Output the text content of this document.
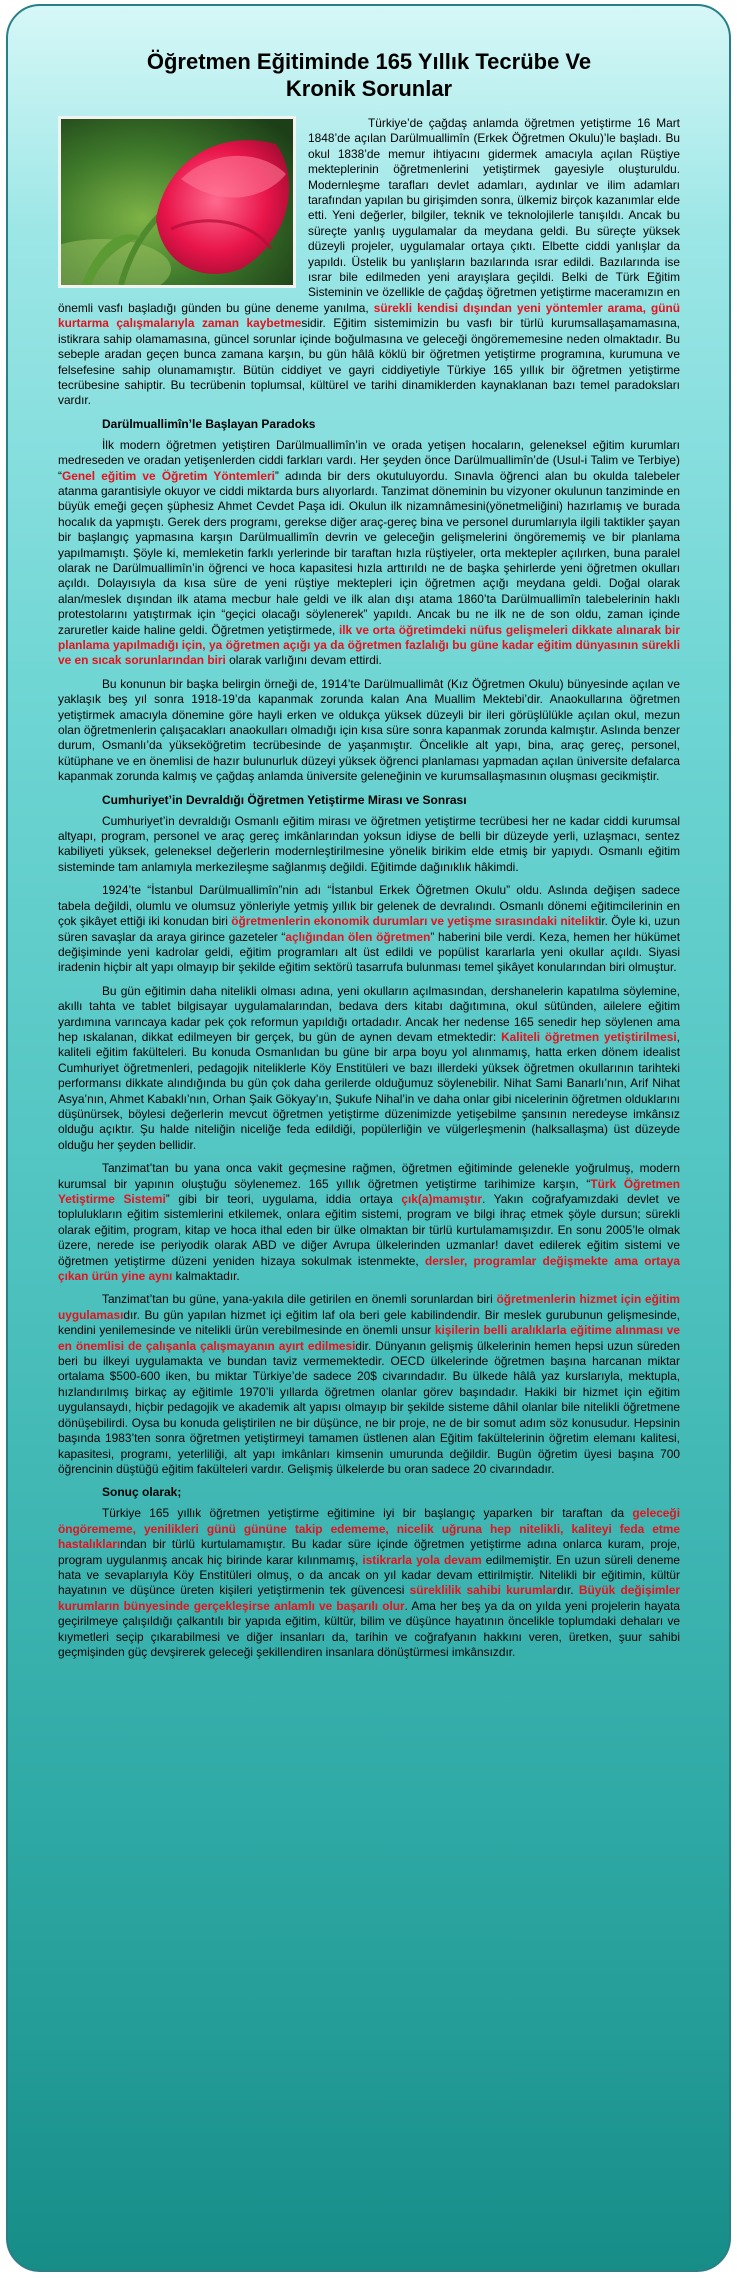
Öğretmen Eğitiminde 165 Yıllık Tecrübe Ve
Kronik Sorunlar

Türkiye’de çağdaş anlamda öğretmen yetiştirme 16 Mart 1848’de açılan Darülmuallimîn (Erkek Öğretmen Okulu)’le başladı. Bu okul 1838’de memur ihtiyacını gidermek amacıyla açılan Rüştiye mekteplerinin öğretmenlerini yetiştirmek gayesiyle oluşturuldu. Modernleşme tarafları devlet adamları, aydınlar ve ilim adamları tarafından yapılan bu girişimden sonra, ülkemiz birçok kazanımlar elde etti. Yeni değerler, bilgiler, teknik ve teknolojilerle tanışıldı. Ancak bu süreçte yanlış uygulamalar da meydana geldi. Bu süreçte yüksek düzeyli projeler, uygulamalar ortaya çıktı. Elbette ciddi yanlışlar da yapıldı. Üstelik bu yanlışların bazılarında ısrar edildi. Bazılarında ise ısrar bile edilmeden yeni arayışlara geçildi. Belki de Türk Eğitim Sisteminin ve özellikle de çağdaş öğretmen yetiştirme maceramızın en önemli vasfı başladığı günden bu güne deneme yanılma, sürekli kendisi dışından yeni yöntemler arama, günü kurtarma çalışmalarıyla zaman kaybetmesidir. Eğitim sistemimizin bu vasfı bir türlü kurumsallaşamamasına, istikrara sahip olamamasına, güncel sorunlar içinde boğulmasına ve geleceği öngörememesine neden olmaktadır. Bu sebeple aradan geçen bunca zamana karşın, bu gün hâlâ köklü bir öğretmen yetiştirme programına, kurumuna ve felsefesine sahip olunamamıştır. Bütün ciddiyet ve gayri ciddiyetiyle Türkiye 165 yıllık bir öğretmen yetiştirme tecrübesine sahiptir. Bu tecrübenin toplumsal, kültürel ve tarihi dinamiklerden kaynaklanan bazı temel paradoksları vardır.

Darülmuallimîn’le Başlayan Paradoks

İlk modern öğretmen yetiştiren Darülmuallimîn’in ve orada yetişen hocaların, geleneksel eğitim kurumları medreseden ve oradan yetişenlerden ciddi farkları vardı. Her şeyden önce Darülmuallimîn’de (Usul-i Talim ve Terbiye) “Genel eğitim ve Öğretim Yöntemleri” adında bir ders okutuluyordu. Sınavla öğrenci alan bu okulda talebeler atanma garantisiyle okuyor ve ciddi miktarda burs alıyorlardı. Tanzimat döneminin bu vizyoner okulunun tanziminde en büyük emeği geçen şüphesiz Ahmet Cevdet Paşa idi. Okulun ilk nizamnâmesini(yönetmeliğini) hazırlamış ve burada hocalık da yapmıştı. Gerek ders programı, gerekse diğer araç-gereç bina ve personel durumlarıyla ilgili taktikler şayan bir başlangıç yapmasına karşın Darülmuallimîn devrin ve geleceğin gelişmelerini öngörememiş ve bir planlama yapılmamıştı. Şöyle ki, memleketin farklı yerlerinde bir taraftan hızla rüştiyeler, orta mektepler açılırken, buna paralel olarak ne Darülmuallimîn’in öğrenci ve hoca kapasitesi hızla arttırıldı ne de başka şehirlerde yeni öğretmen okulları açıldı. Dolayısıyla da kısa süre de yeni rüştiye mektepleri için öğretmen açığı meydana geldi. Doğal olarak alan/meslek dışından ilk atama mecbur hale geldi ve ilk alan dışı atama 1860’ta Darülmuallimîn talebelerinin haklı protestolarını yatıştırmak için “geçici olacağı söylenerek” yapıldı. Ancak bu ne ilk ne de son oldu, zaman içinde zaruretler kaide haline geldi. Öğretmen yetiştirmede, ilk ve orta öğretimdeki nüfus gelişmeleri dikkate alınarak bir planlama yapılmadığı için, ya öğretmen açığı ya da öğretmen fazlalığı bu güne kadar eğitim dünyasının sürekli ve en sıcak sorunlarından biri olarak varlığını devam ettirdi.

Bu konunun bir başka belirgin örneği de, 1914’te Darülmuallimât (Kız Öğretmen Okulu) bünyesinde açılan ve yaklaşık beş yıl sonra 1918-19’da kapanmak zorunda kalan Ana Muallim Mektebi’dir. Anaokullarına öğretmen yetiştirmek amacıyla dönemine göre hayli erken ve oldukça yüksek düzeyli bir ileri görüşlülükle açılan okul, mezun olan öğretmenlerin çalışacakları anaokulları olmadığı için kısa süre sonra kapanmak zorunda kalmıştır. Aslında benzer durum, Osmanlı’da yükseköğretim tecrübesinde de yaşanmıştır. Öncelikle alt yapı, bina, araç gereç, personel, kütüphane ve en önemlisi de hazır bulunurluk düzeyi yüksek öğrenci planlaması yapmadan açılan üniversite defalarca kapanmak zorunda kalmış ve çağdaş anlamda üniversite geleneğinin ve kurumsallaşmasının oluşması gecikmiştir.

Cumhuriyet’in Devraldığı Öğretmen Yetiştirme Mirası ve Sonrası

Cumhuriyet’in devraldığı Osmanlı eğitim mirası ve öğretmen yetiştirme tecrübesi her ne kadar ciddi kurumsal altyapı, program, personel ve araç gereç imkânlarından yoksun idiyse de belli bir düzeyde yerli, uzlaşmacı, sentez kabiliyeti yüksek, geleneksel değerlerin modernleştirilmesine yönelik birikim elde etmiş bir yapıydı. Osmanlı eğitim sisteminde tam anlamıyla merkezileşme sağlanmış değildi. Eğitimde dağınıklık hâkimdi.

1924’te “İstanbul Darülmuallimîn”nin adı “İstanbul Erkek Öğretmen Okulu” oldu. Aslında değişen sadece tabela değildi, olumlu ve olumsuz yönleriyle yetmiş yıllık bir gelenek de devralındı. Osmanlı dönemi eğitimcilerinin en çok şikâyet ettiği iki konudan biri öğretmenlerin ekonomik durumları ve yetişme sırasındaki niteliktir. Öyle ki, uzun süren savaşlar da araya girince gazeteler “açlığından ölen öğretmen” haberini bile verdi. Keza, hemen her hükümet değişiminde yeni kadrolar geldi, eğitim programları alt üst edildi ve popülist kararlarla yeni okullar açıldı. Siyasi iradenin hiçbir alt yapı olmayıp bir şekilde eğitim sektörü tasarrufa bulunması temel şikâyet konularından biri olmuştur.

Bu gün eğitimin daha nitelikli olması adına, yeni okulların açılmasından, dershanelerin kapatılma söylemine, akıllı tahta ve tablet bilgisayar uygulamalarından, bedava ders kitabı dağıtımına, okul sütünden, ailelere eğitim yardımına varıncaya kadar pek çok reformun yapıldığı ortadadır. Ancak her nedense 165 senedir hep söylenen ama hep ıskalanan, dikkat edilmeyen bir gerçek, bu gün de aynen devam etmektedir: Kaliteli öğretmen yetiştirilmesi, kaliteli eğitim fakülteleri. Bu konuda Osmanlıdan bu güne bir arpa boyu yol alınmamış, hatta erken dönem idealist Cumhuriyet öğretmenleri, pedagojik niteliklerle Köy Enstitüleri ve bazı illerdeki yüksek öğretmen okullarının tarihteki performansı dikkate alındığında bu gün çok daha gerilerde olduğumuz söylenebilir. Nihat Sami Banarlı’nın, Arif Nihat Asya’nın, Ahmet Kabaklı’nın, Orhan Şaik Gökyay’ın, Şukufe Nihal’in ve daha onlar gibi nicelerinin öğretmen olduklarını düşünürsek, böylesi değerlerin mevcut öğretmen yetiştirme düzenimizde yetişebilme şansının neredeyse imkânsız olduğu açıktır. Şu halde niteliğin niceliğe feda edildiği, popülerliğin ve vülgerleşmenin (halksallaşma) üst düzeyde olduğu her şeyden bellidir.

Tanzimat’tan bu yana onca vakit geçmesine rağmen, öğretmen eğitiminde gelenekle yoğrulmuş, modern kurumsal bir yapının oluştuğu söylenemez. 165 yıllık öğretmen yetiştirme tarihimize karşın, “Türk Öğretmen Yetiştirme Sistemi” gibi bir teori, uygulama, iddia ortaya çık(a)mamıştır. Yakın coğrafyamızdaki devlet ve toplulukların eğitim sistemlerini etkilemek, onlara eğitim sistemi, program ve bilgi ihraç etmek şöyle dursun; sürekli olarak eğitim, program, kitap ve hoca ithal eden bir ülke olmaktan bir türlü kurtulamamışızdır. En sonu 2005’le olmak üzere, nerede ise periyodik olarak ABD ve diğer Avrupa ülkelerinden uzmanlar! davet edilerek eğitim sistemi ve öğretmen yetiştirme düzeni yeniden hizaya sokulmak istenmekte, dersler, programlar değişmekte ama ortaya çıkan ürün yine aynı kalmaktadır.

Tanzimat’tan bu güne, yana-yakıla dile getirilen en önemli sorunlardan biri öğretmenlerin hizmet için eğitim uygulamasıdır. Bu gün yapılan hizmet içi eğitim laf ola beri gele kabilindendir. Bir meslek gurubunun gelişmesinde, kendini yenilemesinde ve nitelikli ürün verebilmesinde en önemli unsur kişilerin belli aralıklarla eğitime alınması ve en önemlisi de çalışanla çalışmayanın ayırt edilmesidir. Dünyanın gelişmiş ülkelerinin hemen hepsi uzun süreden beri bu ilkeyi uygulamakta ve bundan taviz vermemektedir. OECD ülkelerinde öğretmen başına harcanan miktar ortalama $500-600 iken, bu miktar Türkiye’de sadece 20$ civarındadır. Bu ülkede hâlâ yaz kurslarıyla, mektupla, hızlandırılmış birkaç ay eğitimle 1970’li yıllarda öğretmen olanlar görev başındadır. Hakiki bir hizmet için eğitim uygulansaydı, hiçbir pedagojik ve akademik alt yapısı olmayıp bir şekilde sisteme dâhil olanlar bile nitelikli öğretmene dönüşebilirdi. Oysa bu konuda geliştirilen ne bir düşünce, ne bir proje, ne de bir somut adım söz konusudur. Hepsinin başında 1983’ten sonra öğretmen yetiştirmeyi tamamen üstlenen alan Eğitim fakültelerinin öğretim elemanı kalitesi, kapasitesi, programı, yeterliliği, alt yapı imkânları kimsenin umurunda değildir. Bugün öğretim üyesi başına 700 öğrencinin düştüğü eğitim fakülteleri vardır. Gelişmiş ülkelerde bu oran sadece 20 civarındadır.

Sonuç olarak;

Türkiye 165 yıllık öğretmen yetiştirme eğitimine iyi bir başlangıç yaparken bir taraftan da geleceği öngörememe, yenilikleri günü gününe takip edememe, nicelik uğruna hep nitelikli, kaliteyi feda etme hastalıklarından bir türlü kurtulamamıştır. Bu kadar süre içinde öğretmen yetiştirme adına onlarca kuram, proje, program uygulanmış ancak hiç birinde karar kılınmamış, istikrarla yola devam edilmemiştir. En uzun süreli deneme hata ve sevaplarıyla Köy Enstitüleri olmuş, o da ancak on yıl kadar devam ettirilmiştir. Nitelikli bir eğitimin, kültür hayatının ve düşünce üreten kişileri yetiştirmenin tek güvencesi süreklilik sahibi kurumlardır. Büyük değişimler kurumların bünyesinde gerçekleşirse anlamlı ve başarılı olur. Ama her beş ya da on yılda yeni projelerin hayata geçirilmeye çalışıldığı çalkantılı bir yapıda eğitim, kültür, bilim ve düşünce hayatının öncelikle toplumdaki dehaları ve kıymetleri seçip çıkarabilmesi ve diğer insanları da, tarihin ve coğrafyanın hakkını veren, üretken, şuur sahibi geçmişinden güç devşirerek geleceği şekillendiren insanlara dönüştürmesi imkânsızdır.
